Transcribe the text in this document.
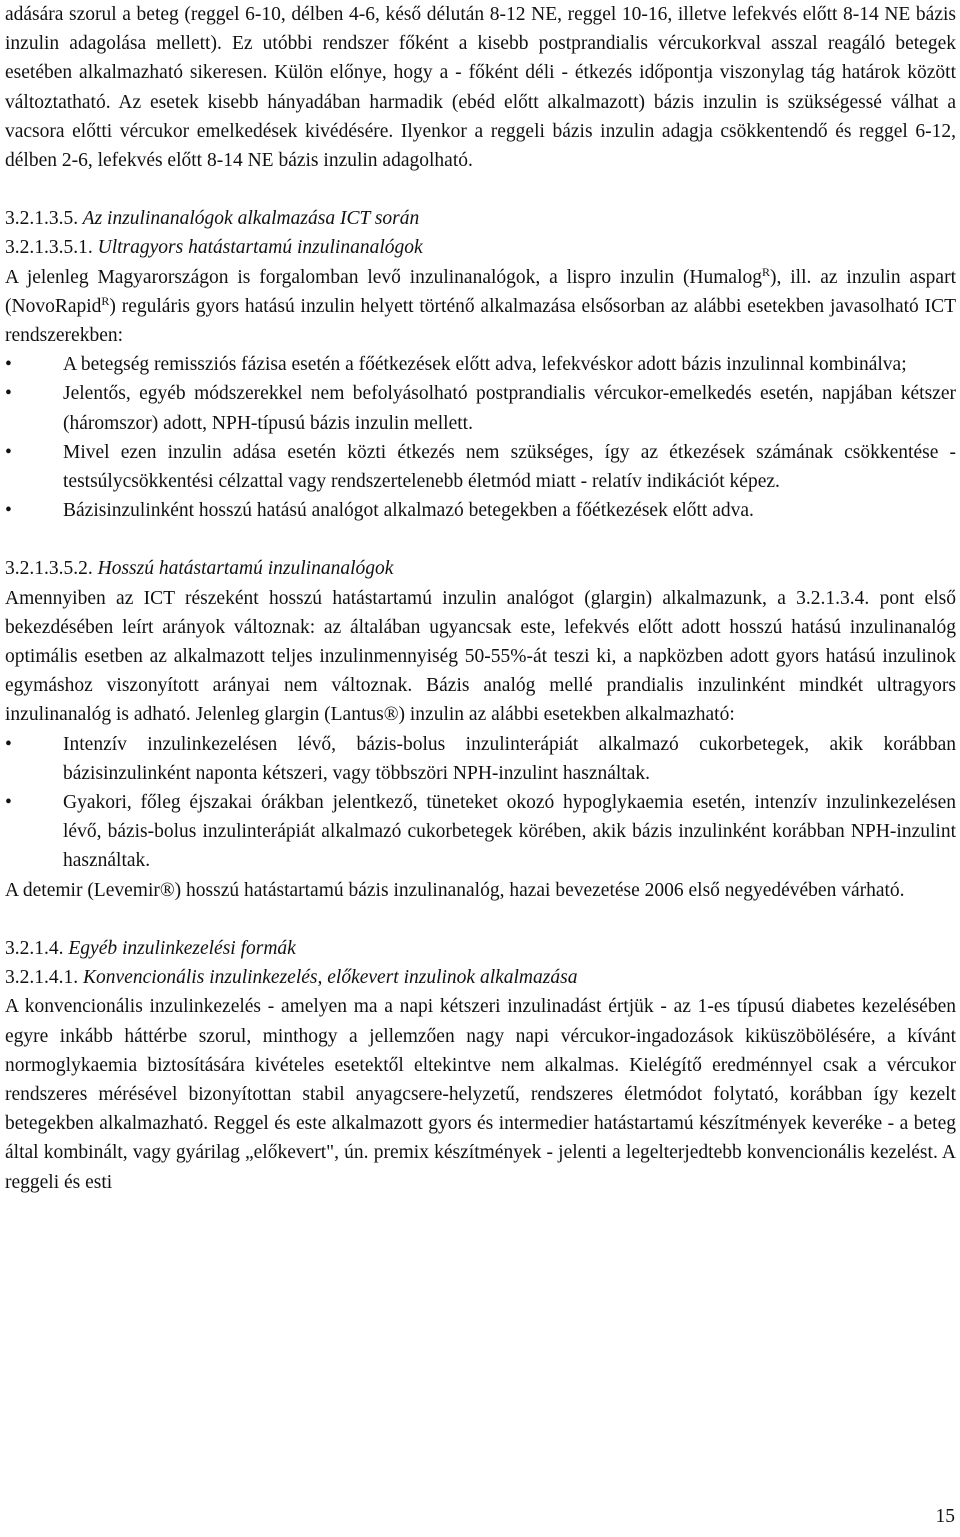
adására szorul a beteg (reggel 6-10, délben 4-6, késő délután 8-12 NE, reggel 10-16, illetve lefekvés előtt 8-14 NE bázis inzulin adagolása mellett). Ez utóbbi rendszer főként a kisebb postprandialis vércukorkval asszal reagáló betegek esetében alkalmazható sikeresen. Külön előnye, hogy a - főként déli - étkezés időpontja viszonylag tág határok között változtatható. Az esetek kisebb hányadában harmadik (ebéd előtt alkalmazott) bázis inzulin is szükségessé válhat a vacsora előtti vércukor emelkedések kivédésére. Ilyenkor a reggeli bázis inzulin adagja csökkentendő és reggel 6-12, délben 2-6, lefekvés előtt 8-14 NE bázis inzulin adagolható.

3.2.1.3.5. Az inzulinanalógok alkalmazása ICT során

3.2.1.3.5.1. Ultragyors hatástartamú inzulinanalógok

A jelenleg Magyarországon is forgalomban levő inzulinanalógok, a lispro inzulin (Humalog$^R$), ill. az inzulin aspart (NovoRapid$^R$) reguláris gyors hatású inzulin helyett történő alkalmazása elsősorban az alábbi esetekben javasolható ICT rendszerekben:

•	A betegség remissziós fázisa esetén a főétkezések előtt adva, lefekvéskor adott bázis inzulinnal kombinálva;
•	Jelentős, egyéb módszerekkel nem befolyásolható postprandialis vércukor-emelkedés esetén, napjában kétszer (háromszor) adott, NPH-típusú bázis inzulin mellett.
•	Mivel ezen inzulin adása esetén közti étkezés nem szükséges, így az étkezések számának csökkentése - testsúlycsökkentési célzattal vagy rendszertelenebb életmód miatt - relatív indikációt képez.
•	Bázisinzulinként hosszú hatású analógot alkalmazó betegekben a főétkezések előtt adva.

3.2.1.3.5.2. Hosszú hatástartamú inzulinanalógok

Amennyiben az ICT részeként hosszú hatástartamú inzulin analógot (glargin) alkalmazunk, a 3.2.1.3.4. pont első bekezdésében leírt arányok változnak: az általában ugyancsak este, lefekvés előtt adott hosszú hatású inzulinanalóg optimális esetben az alkalmazott teljes inzulinmennyiség 50-55%-át teszi ki, a napközben adott gyors hatású inzulinok egymáshoz viszonyított arányai nem változnak. Bázis analóg mellé prandialis inzulinként mindkét ultragyors inzulinanalóg is adható. Jelenleg glargin (Lantus®) inzulin az alábbi esetekben alkalmazható:

•	Intenzív inzulinkezelésen lévő, bázis-bolus inzulinterápiát alkalmazó cukorbetegek, akik korábban bázisinzulinként naponta kétszeri, vagy többszöri NPH-inzulint használtak.
•	Gyakori, főleg éjszakai órákban jelentkező, tüneteket okozó hypoglykaemia esetén, intenzív inzulinkezelésen lévő, bázis-bolus inzulinterápiát alkalmazó cukorbetegek körében, akik bázis inzulinként korábban NPH-inzulint használtak.

A detemir (Levemir®) hosszú hatástartamú bázis inzulinanalóg, hazai bevezetése 2006 első negyedévében várható.

3.2.1.4. Egyéb inzulinkezelési formák

3.2.1.4.1. Konvencionális inzulinkezelés, előkevert inzulinok alkalmazása

A konvencionális inzulinkezelés - amelyen ma a napi kétszeri inzulinadást értjük - az 1-es típusú diabetes kezelésében egyre inkább háttérbe szorul, minthogy a jellemzően nagy napi vércukor-ingadozások kiküszöbölésére, a kívánt normoglykaemia biztosítására kivételes esetektől eltekintve nem alkalmas. Kielégítő eredménnyel csak a vércukor rendszeres mérésével bizonyítottan stabil anyagcsere-helyzetű, rendszeres életmódot folytató, korábban így kezelt betegekben alkalmazható. Reggel és este alkalmazott gyors és intermedier hatástartamú készítmények keveréke - a beteg által kombinált, vagy gyárilag „előkevert", ún. premix készítmények - jelenti a legelterjedtebb konvencionális kezelést. A reggeli és esti

15
